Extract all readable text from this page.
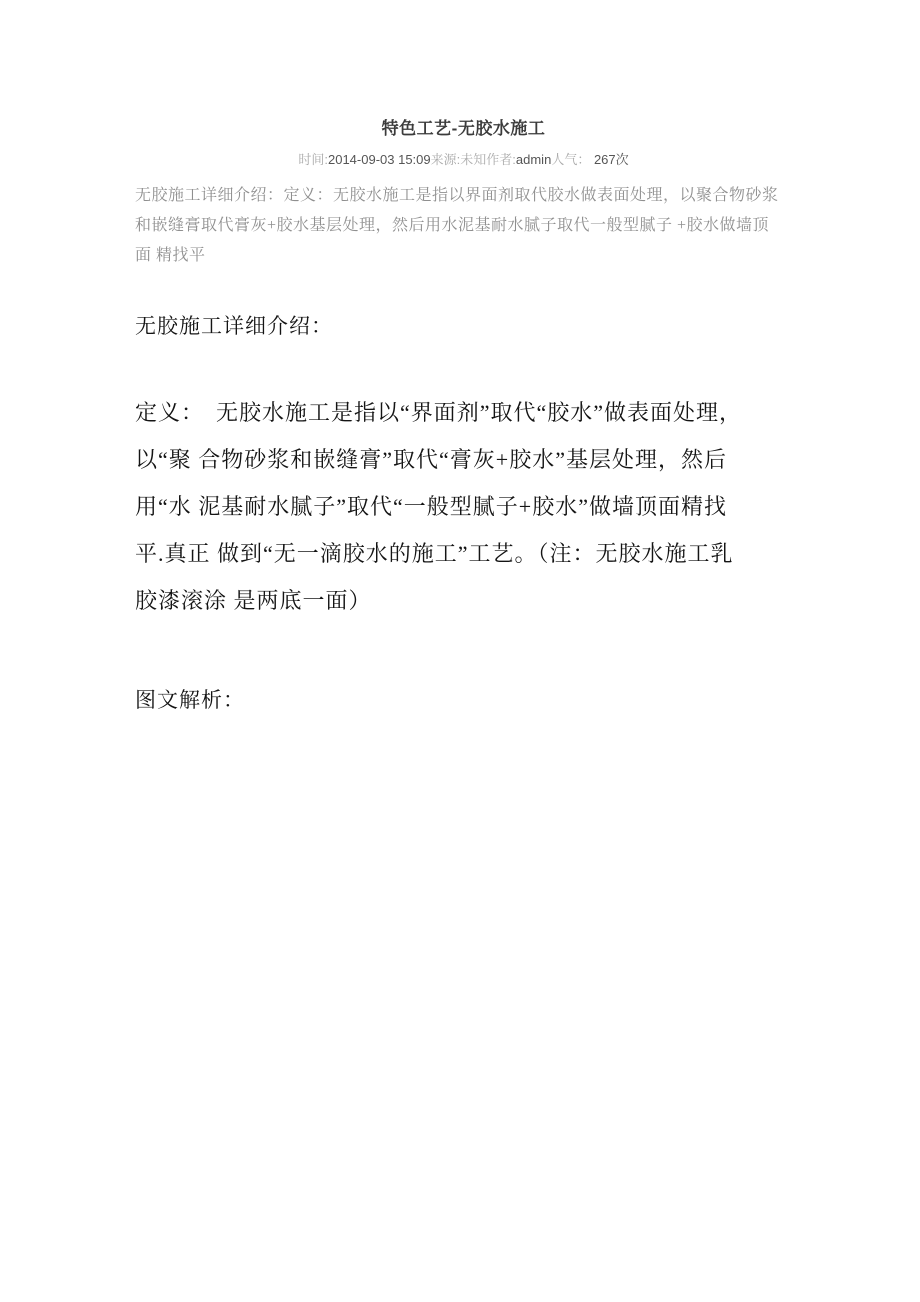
特色工艺-无胶水施工
时间:2014-09-03 15:09来源:未知作者:admin人气： 267次

无胶施工详细介绍：定义：无胶水施工是指以界面剂取代胶水做表面处理，以聚合物砂浆
和嵌缝膏取代膏灰+胶水基层处理，然后用水泥基耐水腻子取代一般型腻子 +胶水做墙顶
面 精找平

无胶施工详细介绍：

定义：　无胶水施工是指以“界面剂”取代“胶水”做表面处理，
以“聚 合物砂浆和嵌缝膏”取代“膏灰+胶水”基层处理，然后
用“水 泥基耐水腻子”取代“一般型腻子+胶水”做墙顶面精找
平.真正 做到“无一滴胶水的施工”工艺。（注：无胶水施工乳
胶漆滚涂 是两底一面）

图文解析：
